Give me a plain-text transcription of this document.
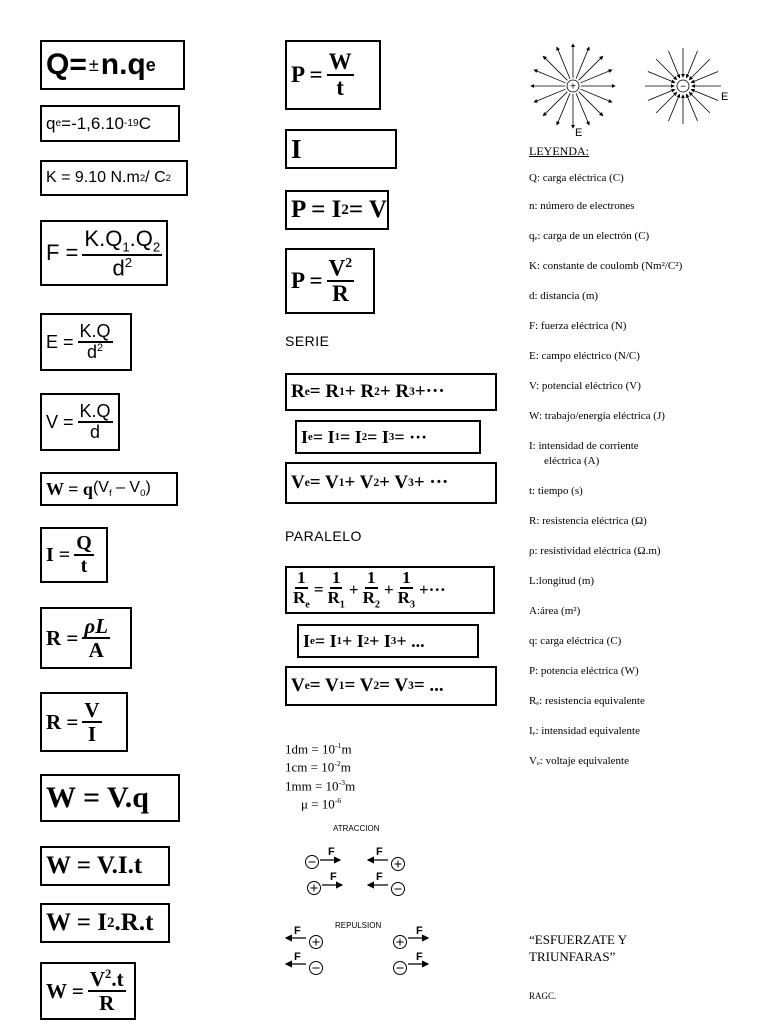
Q= ± n.q e
q e =-1,6.10 -19 C
K = 9.10 N.m 2 / C 2
$F = \frac{K.Q_1.Q_2}{d^2}$
$E = \frac{K.Q}{d^2}$
$V = \frac{K.Q}{d}$
W = q $(V_f - V_0)$
$I = \frac{Q}{t}$
$R = \frac{\rho L}{A}$
$R = \frac{V}{I}$
W = V.q
W = V.I.t
W = I 2 .R.t
$W = \frac{V^2.t}{R}$
$P = \frac{W}{t}$
I
P = I 2 = V
$P = \frac{V^2}{R}$
SERIE
R e = R 1 + R 2 + R 3 +···
I e = I 1 = I 2 = I 3 = ···
V e = V 1 + V 2 + V 3 + ···
PARALELO
$\frac{1}{R_e} = \frac{1}{R_1} + \frac{1}{R_2} + \frac{1}{R_3}$ +···
I e = I 1 + I 2 + I 3 + ...
V e = V 1 = V 2 = V 3 = ...
$1dm = 10^{-1}m$
$1cm = 10^{-2}m$
$1mm = 10^{-3}m$
$\mu = 10^{-6}$
ATRACCION
F	F
F	F
REPULSION
F
F
F
F
+	−
E
E
LEYENDA:
Q: carga eléctrica (C)
n: número de electrones
qₑ: carga de un electrón (C)
K: constante de coulomb (Nm²/C²)
d: distancia (m)
F: fuerza eléctrica (N)
E: campo eléctrico (N/C)
V: potencial eléctrico (V)
W: trabajo/energía eléctrica (J)
I: intensidad de corriente
eléctrica (A)
t: tiempo (s)
R: resistencia eléctrica (Ω)
ρ: resistividad eléctrica (Ω.m)
L:longitud (m)
A:área (m²)
q: carga eléctrica (C)
P: potencia eléctrica (W)
Rₑ: resistencia equivalente
Iₑ: intensidad equivalente
Vₑ: voltaje equivalente
“ESFUERZATE Y
TRIUNFARAS”
RAGC.
